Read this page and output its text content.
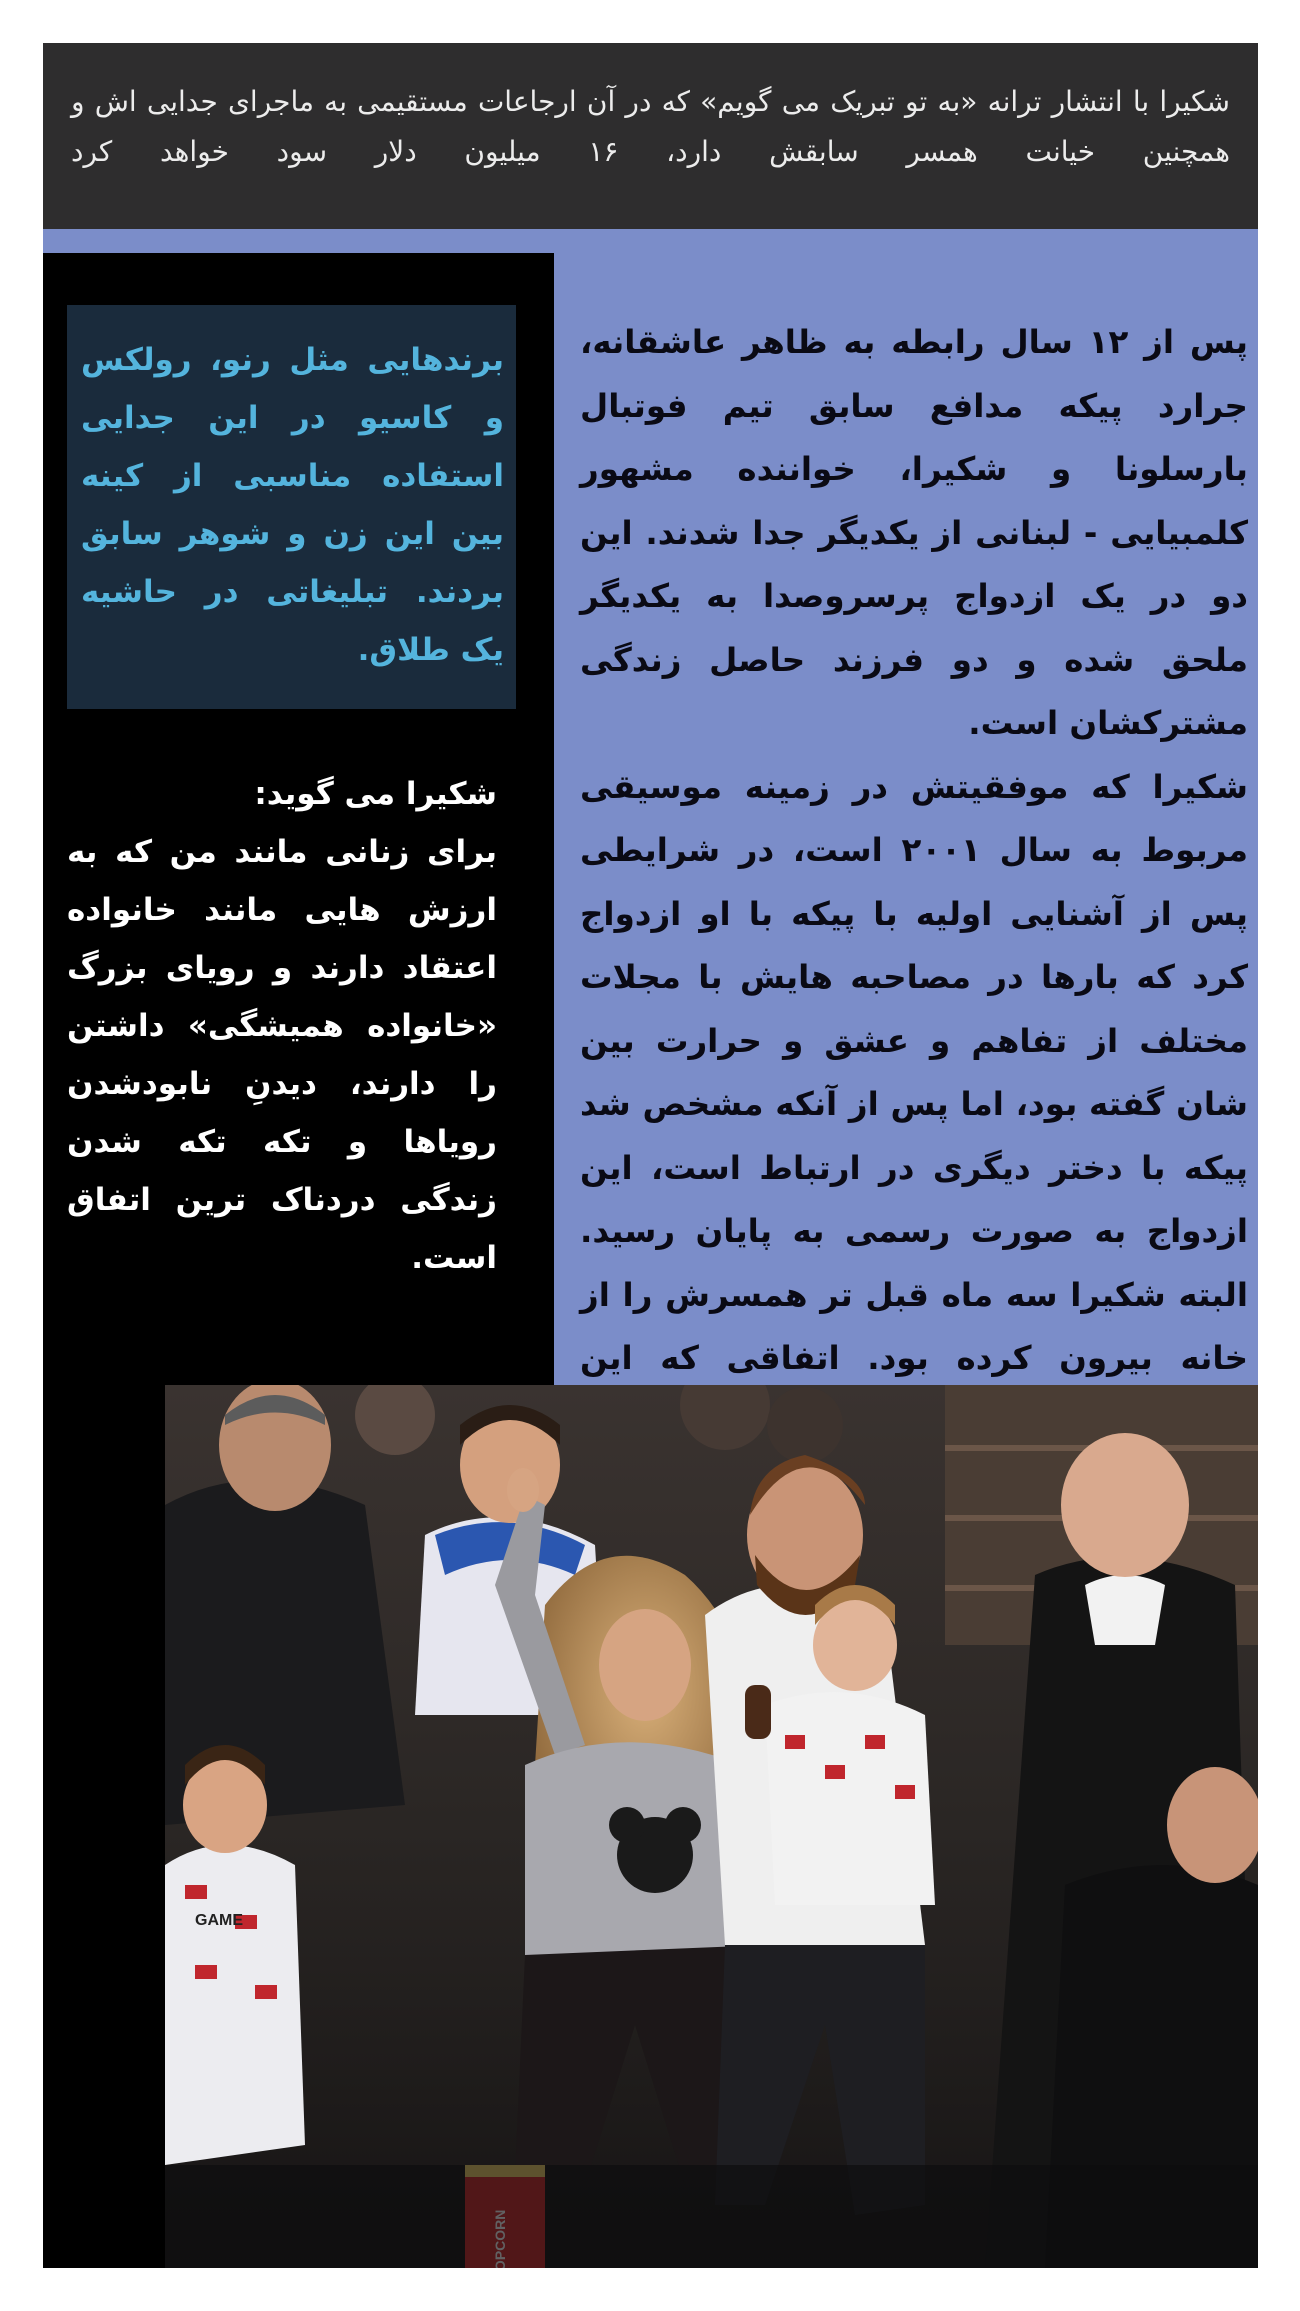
شکیرا با انتشار ترانه «به تو تبریک می گویم» که در آن ارجاعات مستقیمی به ماجرای جدایی اش و همچنین خیانت همسر سابقش دارد، ۱۶ میلیون دلار سود خواهد کرد

پس از ۱۲ سال رابطه به ظاهر عاشقانه، جرارد پیکه مدافع سابق تیم فوتبال بارسلونا و شکیرا، خواننده مشهور کلمبیایی - لبنانی از یکدیگر جدا شدند. این دو در یک ازدواج پرسروصدا به یکدیگر ملحق شده و دو فرزند حاصل زندگی مشترکشان است.

شکیرا که موفقیتش در زمینه موسیقی مربوط به سال ۲۰۰۱ است، در شرایطی پس از آشنایی اولیه با پیکه با او ازدواج کرد که بارها در مصاحبه هایش با مجلات مختلف از تفاهم و عشق و حرارت بین شان گفته بود، اما پس از آنکه مشخص شد پیکه با دختر دیگری در ارتباط است، این ازدواج به صورت رسمی به پایان رسید. البته شکیرا سه ماه قبل تر همسرش را از خانه بیرون کرده بود. اتفاقی که این

برندهایی مثل رنو، رولکس و کاسیو در این جدایی استفاده مناسبی از کینه بین این زن و شوهر سابق بردند. تبلیغاتی در حاشیه یک طلاق.

شکیرا می گوید:

برای زنانی مانند من که به ارزش هایی مانند خانواده اعتقاد دارند و رویای بزرگ «خانواده همیشگی» داشتن را دارند، دیدنِ نابودشدن رویاها و تکه تکه شدن زندگی دردناک ترین اتفاق است.

GAME
